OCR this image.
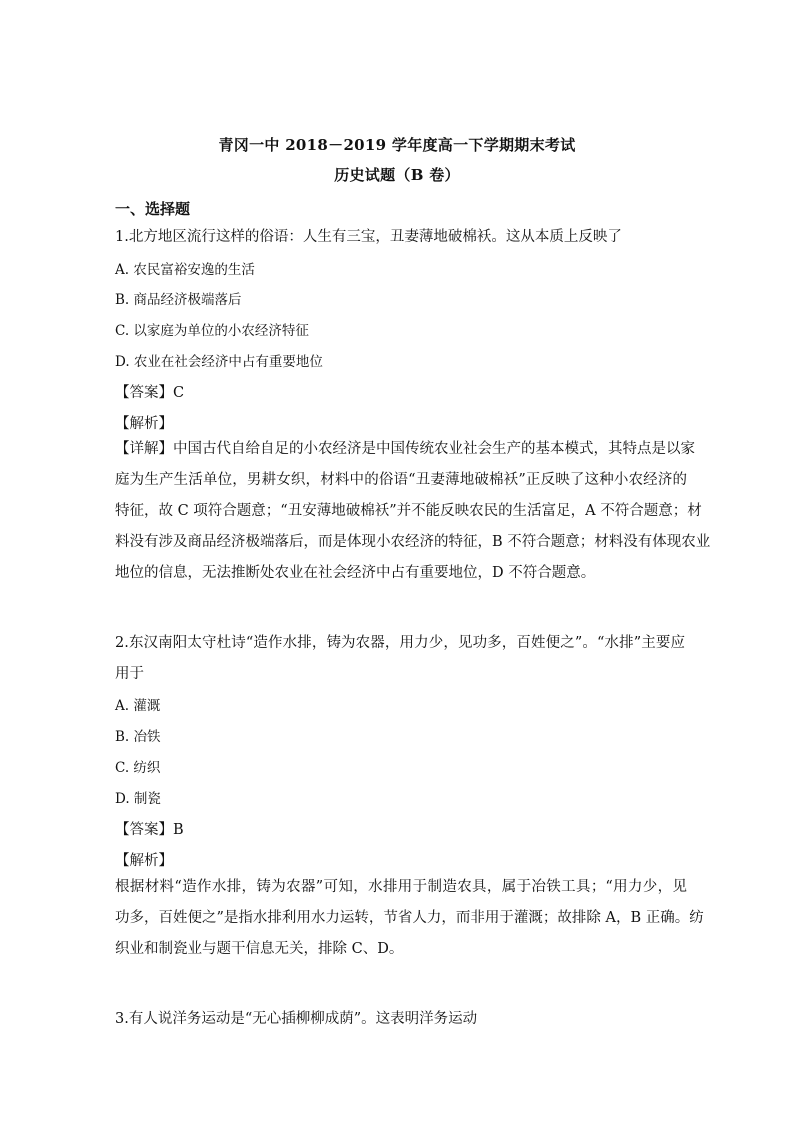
青冈一中 2018－2019 学年度高一下学期期末考试
历史试题（B 卷）
一、选择题
1.北方地区流行这样的俗语：人生有三宝，丑妻薄地破棉袄。这从本质上反映了
A. 农民富裕安逸的生活
B. 商品经济极端落后
C. 以家庭为单位的小农经济特征
D. 农业在社会经济中占有重要地位
【答案】C
【解析】
【详解】中国古代自给自足的小农经济是中国传统农业社会生产的基本模式，其特点是以家
庭为生产生活单位，男耕女织，材料中的俗语“丑妻薄地破棉袄”正反映了这种小农经济的
特征，故 C 项符合题意；“丑安薄地破棉袄”并不能反映农民的生活富足，A 不符合题意；材
料没有涉及商品经济极端落后，而是体现小农经济的特征，B 不符合题意；材料没有体现农业
地位的信息，无法推断处农业在社会经济中占有重要地位，D 不符合题意。
2.东汉南阳太守杜诗“造作水排，铸为农器，用力少，见功多，百姓便之”。“水排”主要应
用于
A. 灌溉
B. 冶铁
C. 纺织
D. 制瓷
【答案】B
【解析】
根据材料“造作水排，铸为农器”可知，水排用于制造农具，属于冶铁工具；“用力少，见
功多，百姓便之”是指水排利用水力运转，节省人力，而非用于灌溉；故排除 A，B 正确。纺
织业和制瓷业与题干信息无关，排除 C、D。
3.有人说洋务运动是“无心插柳柳成荫”。这表明洋务运动
